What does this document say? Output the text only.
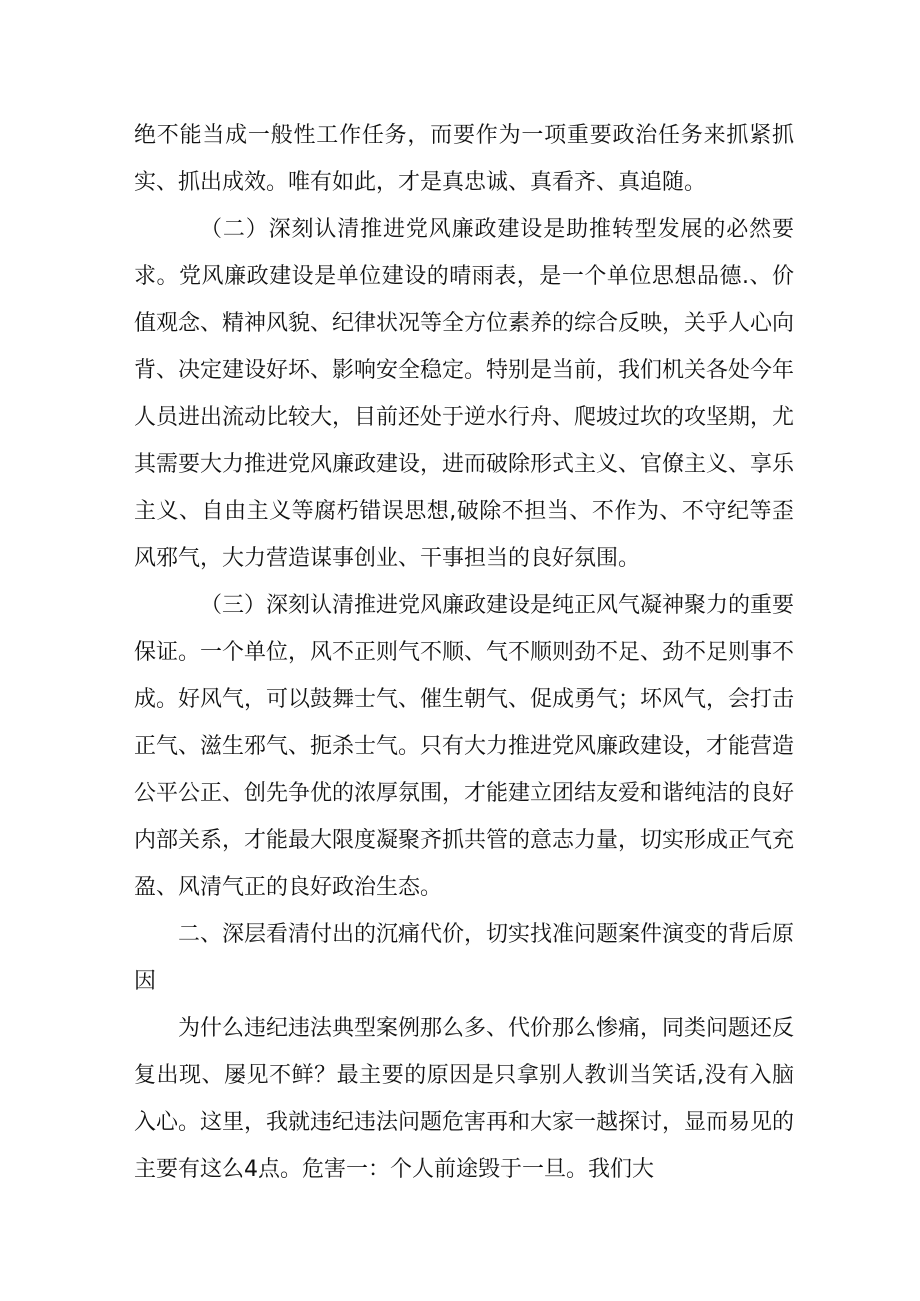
绝不能当成一般性工作任务，而要作为一项重要政治任务来抓紧抓实、抓出成效。唯有如此，才是真忠诚、真看齐、真追随。

（二）深刻认清推进党风廉政建设是助推转型发展的必然要求。党风廉政建设是单位建设的晴雨表，是一个单位思想品德.、价值观念、精神风貌、纪律状况等全方位素养的综合反映，关乎人心向背、决定建设好坏、影响安全稳定。特别是当前，我们机关各处今年人员进出流动比较大，目前还处于逆水行舟、爬坡过坎的攻坚期，尤其需要大力推进党风廉政建设，进而破除形式主义、官僚主义、享乐主义、自由主义等腐朽错误思想,破除不担当、不作为、不守纪等歪风邪气，大力营造谋事创业、干事担当的良好氛围。

（三）深刻认清推进党风廉政建设是纯正风气凝神聚力的重要保证。一个单位，风不正则气不顺、气不顺则劲不足、劲不足则事不成。好风气，可以鼓舞士气、催生朝气、促成勇气；坏风气，会打击正气、滋生邪气、扼杀士气。只有大力推进党风廉政建设，才能营造公平公正、创先争优的浓厚氛围，才能建立团结友爱和谐纯洁的良好内部关系，才能最大限度凝聚齐抓共管的意志力量，切实形成正气充盈、风清气正的良好政治生态。

二、深层看清付出的沉痛代价，切实找准问题案件演变的背后原因

为什么违纪违法典型案例那么多、代价那么惨痛，同类问题还反复出现、屡见不鲜？最主要的原因是只拿别人教训当笑话,没有入脑入心。这里，我就违纪违法问题危害再和大家一越探讨，显而易见的主要有这么4点。危害一：个人前途毁于一旦。我们大
